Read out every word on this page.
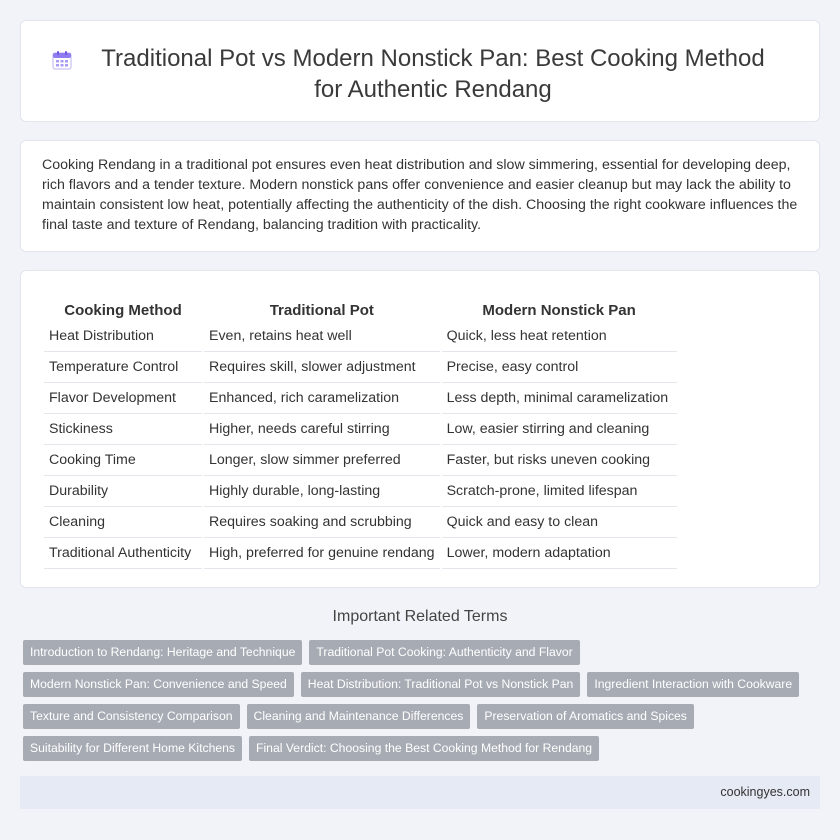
Traditional Pot vs Modern Nonstick Pan: Best Cooking Method for Authentic Rendang

Cooking Rendang in a traditional pot ensures even heat distribution and slow simmering, essential for developing deep, rich flavors and a tender texture. Modern nonstick pans offer convenience and easier cleanup but may lack the ability to maintain consistent low heat, potentially affecting the authenticity of the dish. Choosing the right cookware influences the final taste and texture of Rendang, balancing tradition with practicality.

Cooking Method	Traditional Pot	Modern Nonstick Pan
Heat Distribution	Even, retains heat well	Quick, less heat retention
Temperature Control	Requires skill, slower adjustment	Precise, easy control
Flavor Development	Enhanced, rich caramelization	Less depth, minimal caramelization
Stickiness	Higher, needs careful stirring	Low, easier stirring and cleaning
Cooking Time	Longer, slow simmer preferred	Faster, but risks uneven cooking
Durability	Highly durable, long-lasting	Scratch-prone, limited lifespan
Cleaning	Requires soaking and scrubbing	Quick and easy to clean
Traditional Authenticity	High, preferred for genuine rendang	Lower, modern adaptation
Important Related Terms
Introduction to Rendang: Heritage and Technique	Traditional Pot Cooking: Authenticity and Flavor
Modern Nonstick Pan: Convenience and Speed	Heat Distribution: Traditional Pot vs Nonstick Pan	Ingredient Interaction with Cookware
Texture and Consistency Comparison	Cleaning and Maintenance Differences	Preservation of Aromatics and Spices
Suitability for Different Home Kitchens	Final Verdict: Choosing the Best Cooking Method for Rendang
cookingyes.com
